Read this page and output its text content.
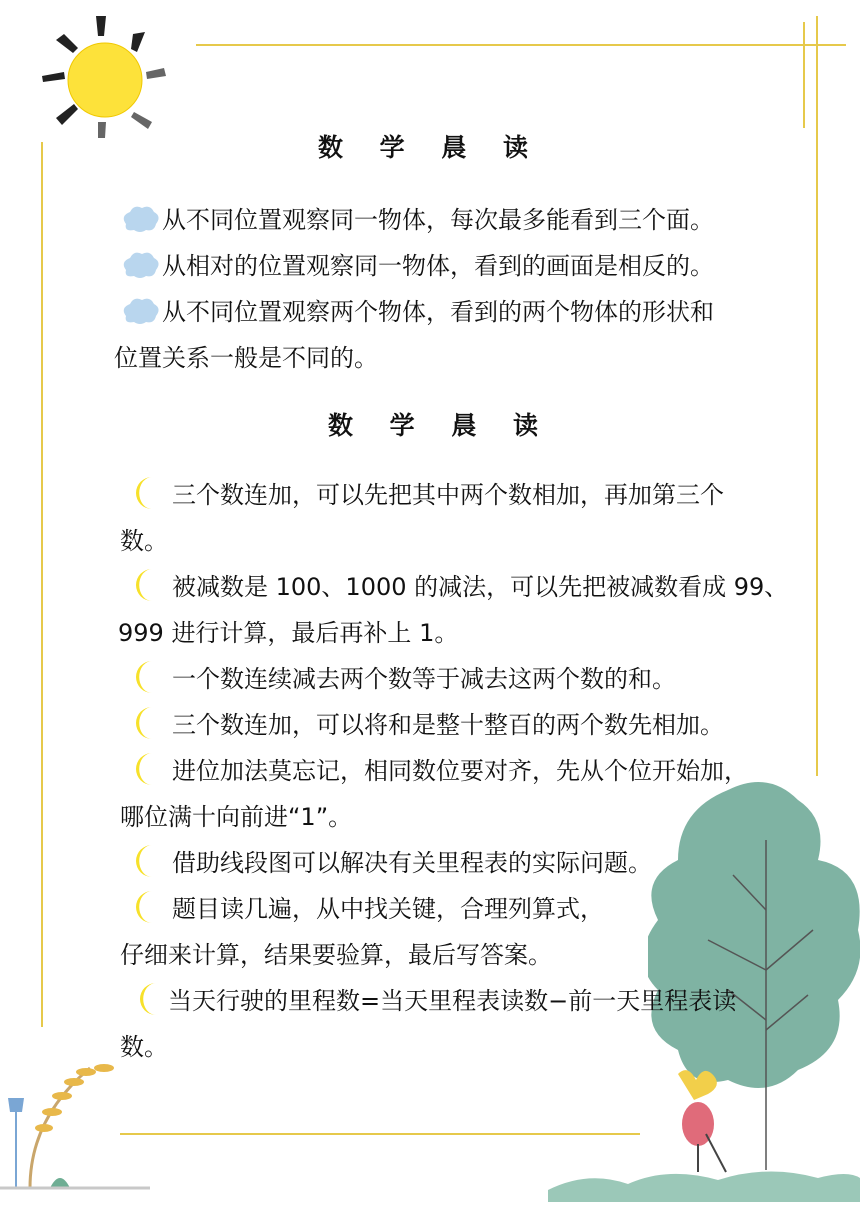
数 学 晨 读
从不同位置观察同一物体，每次最多能看到三个面。
从相对的位置观察同一物体，看到的画面是相反的。
从不同位置观察两个物体，看到的两个物体的形状和
位置关系一般是不同的。
数 学 晨 读
三个数连加，可以先把其中两个数相加，再加第三个
数。
被减数是 100、1000 的减法，可以先把被减数看成 99、
999 进行计算，最后再补上 1。
一个数连续减去两个数等于减去这两个数的和。
三个数连加，可以将和是整十整百的两个数先相加。
进位加法莫忘记，相同数位要对齐，先从个位开始加，
哪位满十向前进“1”。
借助线段图可以解决有关里程表的实际问题。
题目读几遍，从中找关键，合理列算式，
仔细来计算，结果要验算，最后写答案。
当天行驶的里程数=当天里程表读数−前一天里程表读
数。
